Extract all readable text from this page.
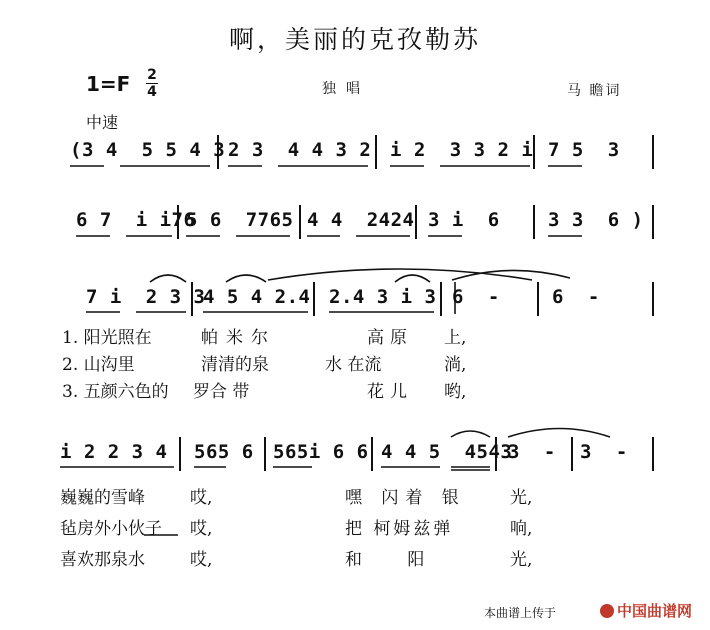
啊，美丽的克孜勒苏
1=F 2
4	独唱	马 瞻词
中速
(3 4  5 5 4 3 2 3  4 4 3 2 i 2  3 3 2 i 7 5  3
6 7  i i76
5 6  7765 4 4  2424 3 i  6	3 3  6 )
7 i  2 3 3
4 5 4 2.4 2.4 3 i 3 6  -	6  -
1. 阳光照在	帕米尔	高原 上,
2. 山沟里	清清的泉	水 在流	淌,
3. 五颜六色的 罗合 带	花儿 哟,
i 2 2 3 4 565 6 565i 6 6 4 4 5  4543
3  - 3  -
巍巍的雪峰	哎,	嘿 闪着 银	光,
毡房外小伙子 哎,	把 柯姆兹弹	响,
喜欢那泉水	哎,	和 阳	光,
本曲谱上传于	中国曲谱网
